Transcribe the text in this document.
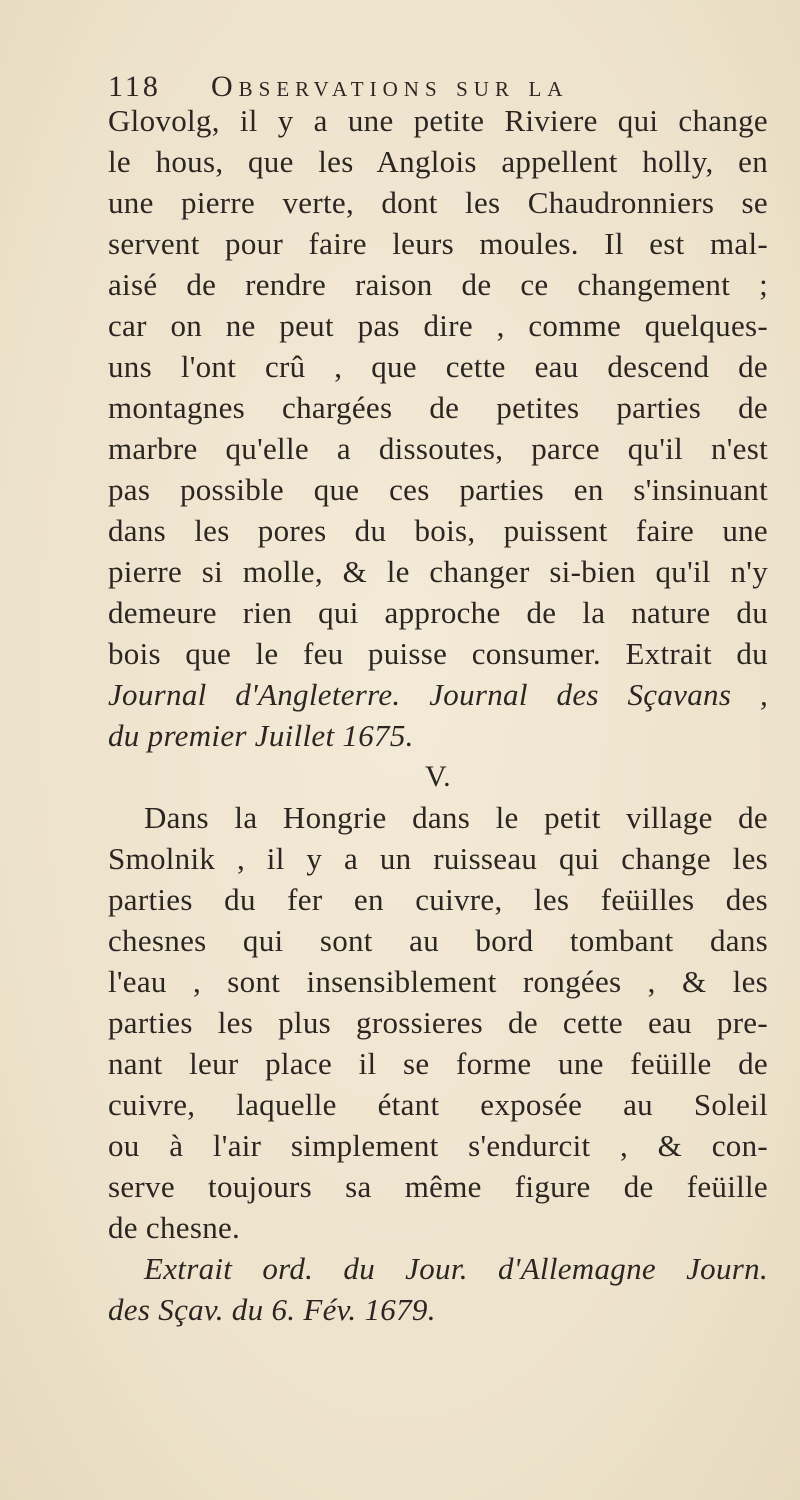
118 Observations sur la
Glovolg, il y a une petite Riviere qui change
le hous, que les Anglois appellent holly, en
une pierre verte, dont les Chaudronniers se
servent pour faire leurs moules. Il est mal-
aisé de rendre raison de ce changement ;
car on ne peut pas dire , comme quelques-
uns l'ont crû , que cette eau descend de
montagnes chargées de petites parties de
marbre qu'elle a dissoutes, parce qu'il n'est
pas possible que ces parties en s'insinuant
dans les pores du bois, puissent faire une
pierre si molle, & le changer si-bien qu'il n'y
demeure rien qui approche de la nature du
bois que le feu puisse consumer. Extrait du
Journal d'Angleterre. Journal des Sçavans ,
du premier Juillet 1675.
V.
Dans la Hongrie dans le petit village de
Smolnik , il y a un ruisseau qui change les
parties du fer en cuivre, les feüilles des
chesnes qui sont au bord tombant dans
l'eau , sont insensiblement rongées , & les
parties les plus grossieres de cette eau pre-
nant leur place il se forme une feüille de
cuivre, laquelle étant exposée au Soleil
ou à l'air simplement s'endurcit , & con-
serve toujours sa même figure de feüille
de chesne.
Extrait ord. du Jour. d'Allemagne Journ.
des Sçav. du 6. Fév. 1679.
